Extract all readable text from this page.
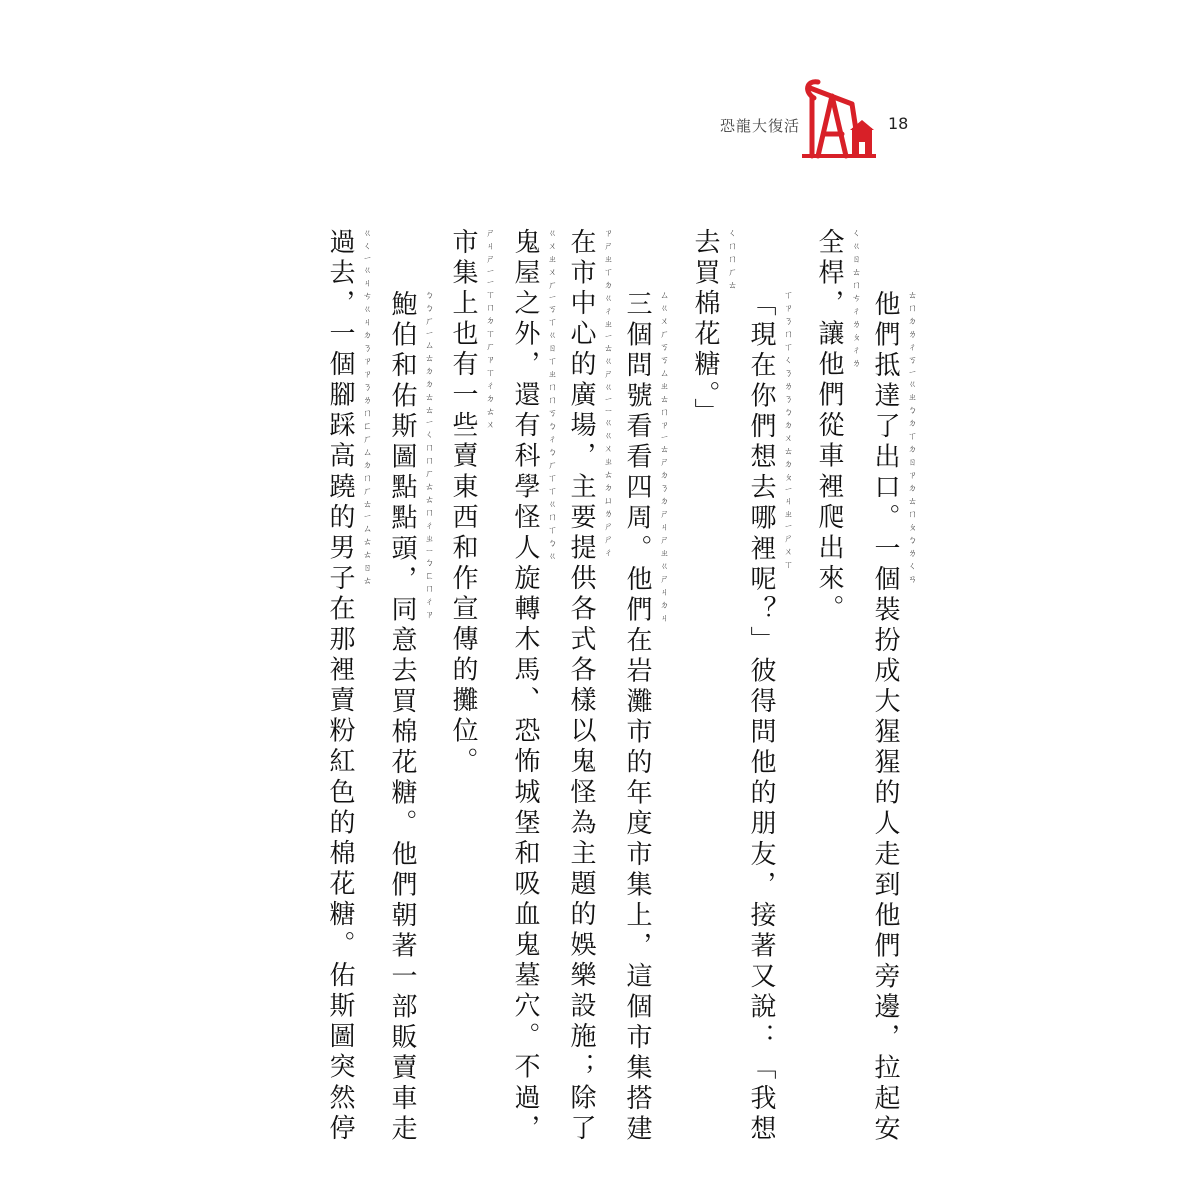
恐龍大復活	18
他們抵達了出口。一個裝扮成大猩猩的人走到他們旁邊，拉起安
全桿，讓他們從車裡爬出來。
「現在你們想去哪裡呢？」彼得問他的朋友，接著又說：「我想
去買棉花糖。」
三個問號看看四周。他們在岩灘市的年度市集上，這個市集搭建
在市中心的廣場，主要提供各式各樣以鬼怪為主題的娛樂設施；除了
鬼屋之外，還有科學怪人旋轉木馬、恐怖城堡和吸血鬼墓穴。不過，
市集上也有一些賣東西和作宣傳的攤位。
鮑伯和佑斯圖點點頭，同意去買棉花糖。他們朝著一部販賣車走
過去，一個腳踩高蹺的男子在那裡賣粉紅色的棉花糖。佑斯圖突然停	ㄊㄇㄉㄌㄔㄎㄧㄍㄓㄅㄉㄒㄉㄖㄗㄉㄊㄇㄆㄅㄌㄑㄢ
ㄑㄍㄖㄊㄇㄘㄔㄌㄆㄔㄌ
ㄒㄗㄋㄇㄒㄑㄋㄌㄋㄅㄉㄨㄊㄉㄆㄧㄐㄓㄧㄕㄨㄒ
ㄑㄇㄇㄏㄊ
ㄙㄍㄨㄏㄎㄎㄙㄓㄊㄇㄗㄧㄊㄕㄉㄋㄉㄕㄐㄕㄓㄍㄕㄐㄉㄐ
ㄗㄕㄓㄒㄉㄍㄔㄓㄧㄊㄍㄕㄍㄧㄧㄍㄍㄨㄓㄊㄉㄩㄌㄕㄕㄔ
ㄍㄨㄓㄨㄏㄧㄎㄒㄍㄖㄒㄓㄇㄇㄎㄅㄔㄅㄏㄒㄒㄍㄇㄒㄅㄍ
ㄕㄐㄕㄧㄧㄒㄇㄉㄒㄏㄗㄒㄔㄉㄊㄨ
ㄅㄅㄏㄧㄙㄊㄉㄉㄊㄊㄧㄑㄇㄇㄏㄊㄊㄇㄔㄓㄧㄅㄈㄇㄔㄗ
ㄍㄑㄧㄍㄐㄘㄍㄐㄉㄋㄗㄗㄋㄌㄇㄈㄏㄙㄉㄇㄏㄊㄧㄙㄊㄊㄖㄊ
